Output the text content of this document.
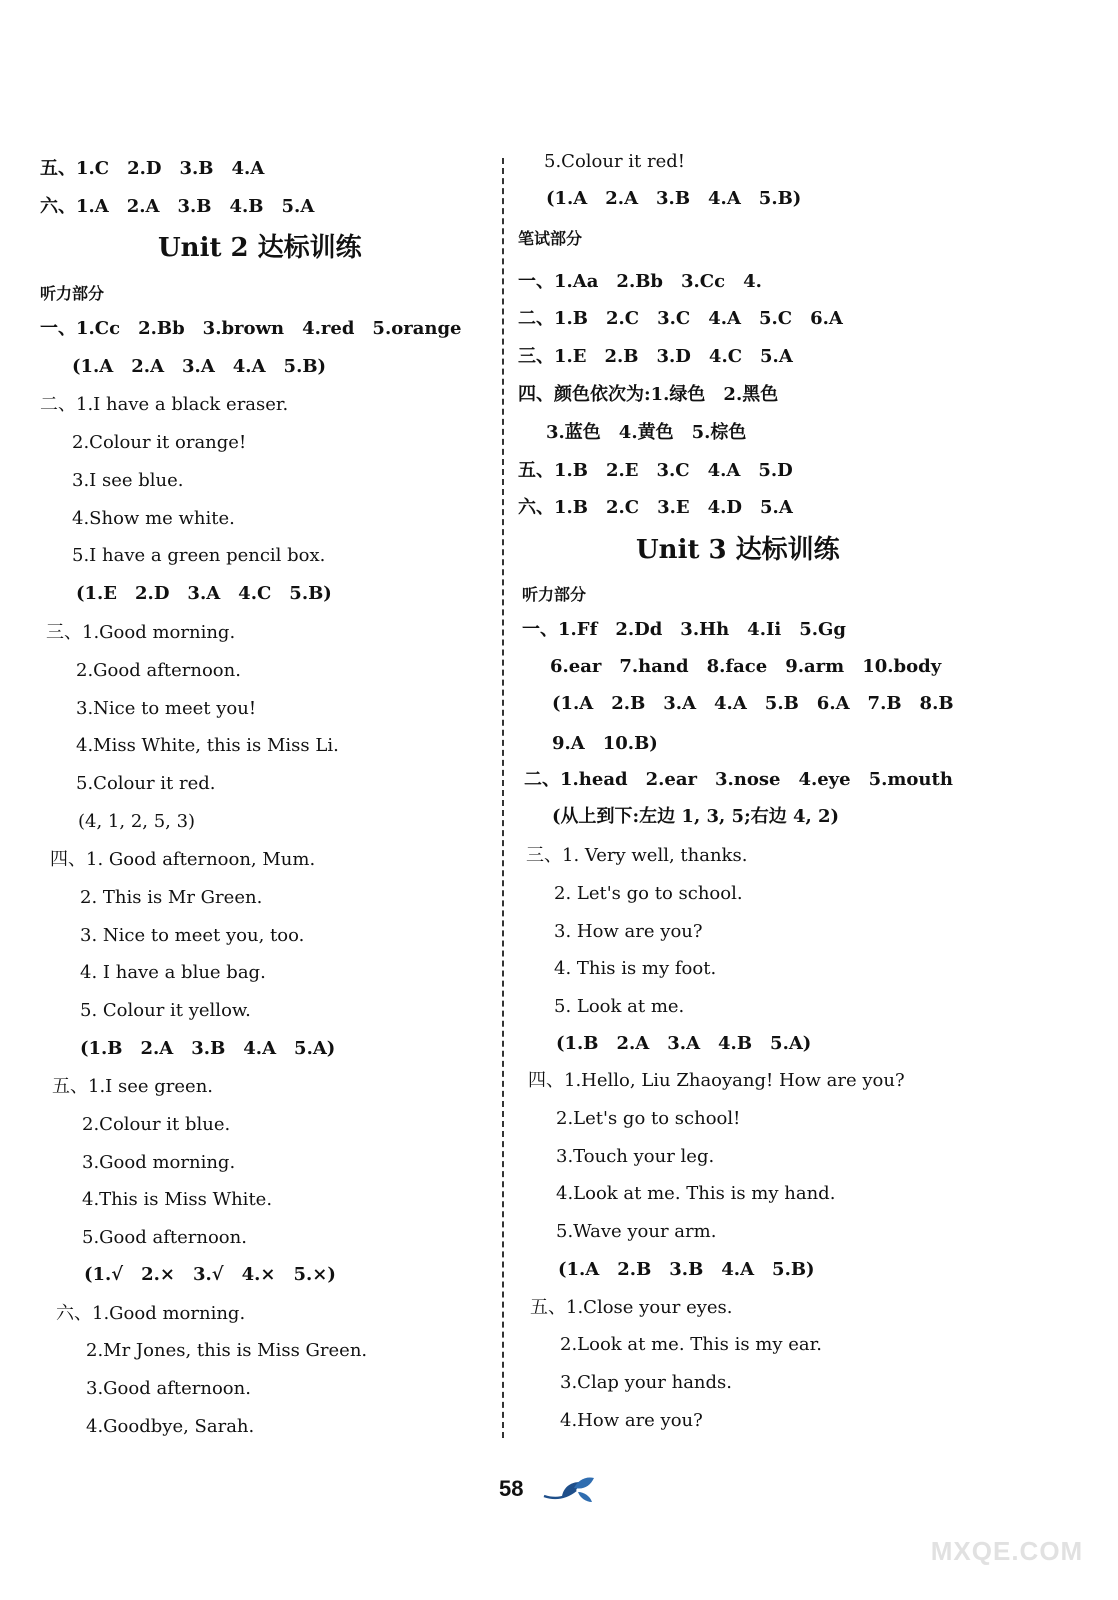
五、1.C　2.D　3.B　4.A
六、1.A　2.A　3.B　4.B　5.A
Unit 2 达标训练
听力部分
一、1.Cc　2.Bb　3.brown　4.red　5.orange
(1.A　2.A　3.A　4.A　5.B)
二、1.I have a black eraser.
2.Colour it orange!
3.I see blue.
4.Show me white.
5.I have a green pencil box.
(1.E　2.D　3.A　4.C　5.B)
三、1.Good morning.
2.Good afternoon.
3.Nice to meet you!
4.Miss White, this is Miss Li.
5.Colour it red.
(4, 1, 2, 5, 3)
四、1. Good afternoon, Mum.
2. This is Mr Green.
3. Nice to meet you, too.
4. I have a blue bag.
5. Colour it yellow.
(1.B　2.A　3.B　4.A　5.A)
五、1.I see green.
2.Colour it blue.
3.Good morning.
4.This is Miss White.
5.Good afternoon.
(1.√　2.×　3.√　4.×　5.×)
六、1.Good morning.
2.Mr Jones, this is Miss Green.
3.Good afternoon.
4.Goodbye, Sarah.
5.Colour it red!
(1.A　2.A　3.B　4.A　5.B)
笔试部分
一、1.Aa　2.Bb　3.Cc　4.
二、1.B　2.C　3.C　4.A　5.C　6.A
三、1.E　2.B　3.D　4.C　5.A
四、颜色依次为:1.绿色　2.黑色
3.蓝色　4.黄色　5.棕色
五、1.B　2.E　3.C　4.A　5.D
六、1.B　2.C　3.E　4.D　5.A
Unit 3 达标训练
听力部分
一、1.Ff　2.Dd　3.Hh　4.Ii　5.Gg
6.ear　7.hand　8.face　9.arm　10.body
(1.A　2.B　3.A　4.A　5.B　6.A　7.B　8.B
9.A　10.B)
二、1.head　2.ear　3.nose　4.eye　5.mouth
(从上到下:左边 1, 3, 5;右边 4, 2)
三、1. Very well, thanks.
2. Let's go to school.
3. How are you?
4. This is my foot.
5. Look at me.
(1.B　2.A　3.A　4.B　5.A)
四、1.Hello, Liu Zhaoyang! How are you?
2.Let's go to school!
3.Touch your leg.
4.Look at me. This is my hand.
5.Wave your arm.
(1.A　2.B　3.B　4.A　5.B)
五、1.Close your eyes.
2.Look at me. This is my ear.
3.Clap your hands.
4.How are you?
58
MXQE.COM
